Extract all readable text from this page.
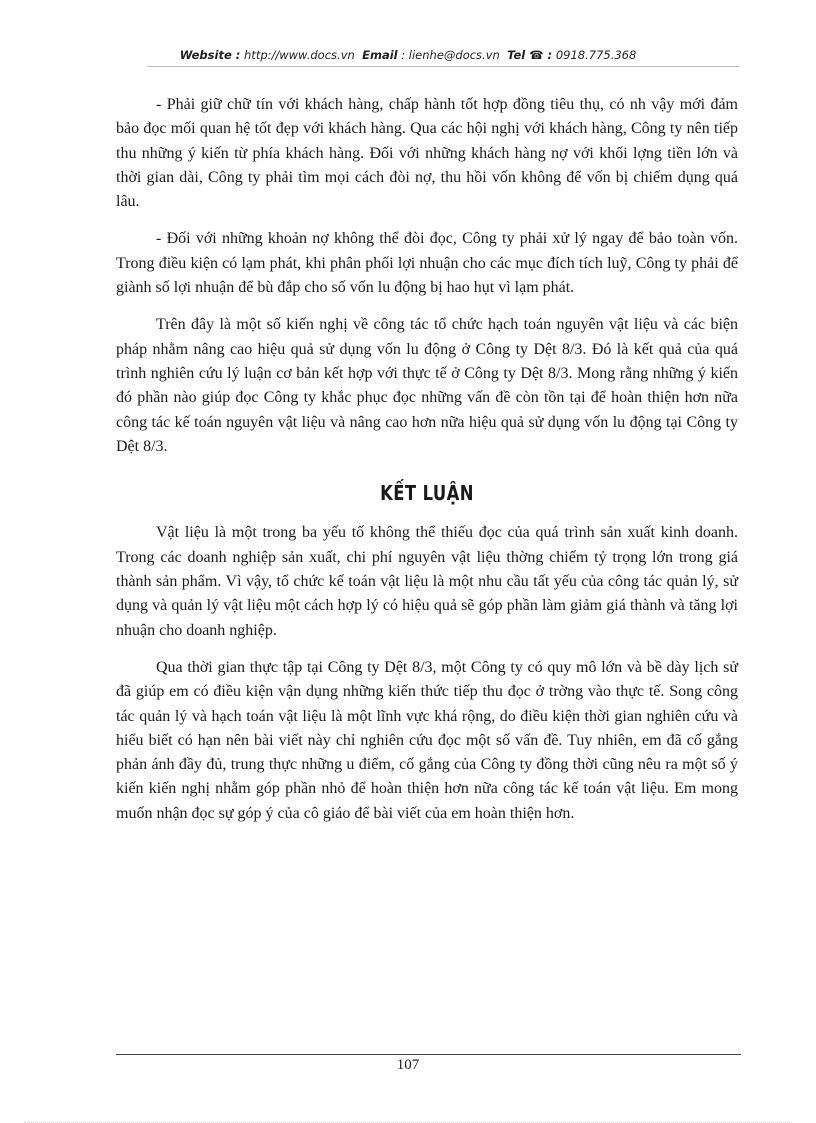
Website : http://www.docs.vn Email : lienhe@docs.vn Tel ☎ : 0918.775.368

- Phải giữ chữ tín với khách hàng, chấp hành tốt hợp đồng tiêu thụ, có nh vậy mới đảm bảo đọc mối quan hệ tốt đẹp với khách hàng. Qua các hội nghị với khách hàng, Công ty nên tiếp thu những ý kiến từ phía khách hàng. Đối với những khách hàng nợ với khối lợng tiền lớn và thời gian dài, Công ty phải tìm mọi cách đòi nợ, thu hồi vốn không để vốn bị chiếm dụng quá lâu.

- Đối với những khoản nợ không thể đòi đọc, Công ty phải xử lý ngay để bảo toàn vốn. Trong điều kiện có lạm phát, khi phân phối lợi nhuận cho các mục đích tích luỹ, Công ty phải để giành số lợi nhuận để bù đắp cho số vốn lu động bị hao hụt vì lạm phát.

Trên đây là một số kiến nghị về công tác tổ chức hạch toán nguyên vật liệu và các biện pháp nhằm nâng cao hiệu quả sử dụng vốn lu động ở Công ty Dệt 8/3. Đó là kết quả của quá trình nghiên cứu lý luận cơ bản kết hợp với thực tế ở Công ty Dệt 8/3. Mong rằng những ý kiến đó phần nào giúp đọc Công ty khắc phục đọc những vấn đề còn tồn tại để hoàn thiện hơn nữa công tác kế toán nguyên vật liệu và nâng cao hơn nữa hiệu quả sử dụng vốn lu động tại Công ty Dệt 8/3.

KẾT LUẬN

Vật liệu là một trong ba yếu tố không thể thiếu đọc của quá trình sản xuất kinh doanh. Trong các doanh nghiệp sản xuất, chi phí nguyên vật liệu thờng chiếm tỷ trọng lớn trong giá thành sản phẩm. Vì vậy, tổ chức kế toán vật liệu là một nhu cầu tất yếu của công tác quản lý, sử dụng và quản lý vật liệu một cách hợp lý có hiệu quả sẽ góp phần làm giảm giá thành và tăng lợi nhuận cho doanh nghiệp.

Qua thời gian thực tập tại Công ty Dệt 8/3, một Công ty có quy mô lớn và bề dày lịch sử đã giúp em có điều kiện vận dụng những kiến thức tiếp thu đọc ở trờng vào thực tế. Song công tác quản lý và hạch toán vật liệu là một lĩnh vực khá rộng, do điều kiện thời gian nghiên cứu và hiểu biết có hạn nên bài viết này chỉ nghiên cứu đọc một số vấn đề. Tuy nhiên, em đã cố gắng phản ánh đầy đủ, trung thực những u điểm, cố gắng của Công ty đồng thời cũng nêu ra một số ý kiến kiến nghị nhằm góp phần nhỏ để hoàn thiện hơn nữa công tác kế toán vật liệu. Em mong muốn nhận đọc sự góp ý của cô giáo để bài viết của em hoàn thiện hơn.

107
